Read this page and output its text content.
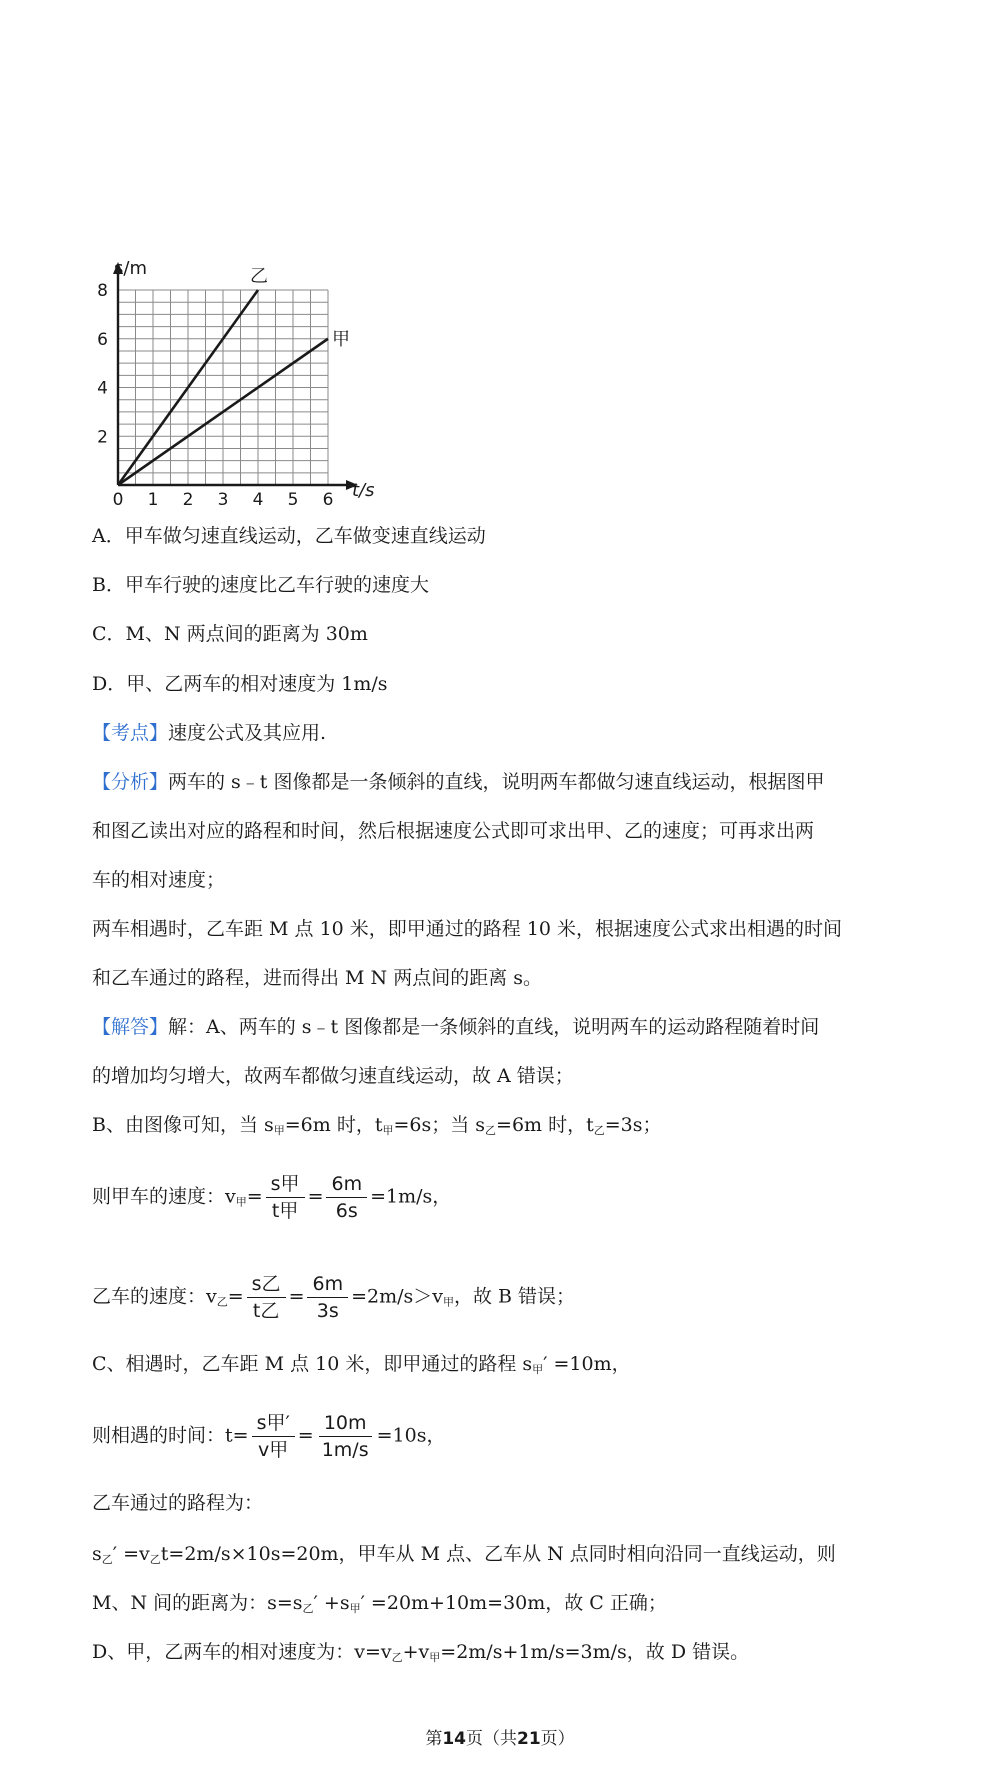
0 1 2 3 4 5 6
2
4
6
8
乙
甲
s/m
t/s
A．甲车做匀速直线运动，乙车做变速直线运动
B．甲车行驶的速度比乙车行驶的速度大
C．M、N 两点间的距离为 30m
D．甲、乙两车的相对速度为 1m/s
【考点】速度公式及其应用.
【分析】两车的 s﹣t 图像都是一条倾斜的直线，说明两车都做匀速直线运动，根据图甲
和图乙读出对应的路程和时间，然后根据速度公式即可求出甲、乙的速度；可再求出两
车的相对速度；
两车相遇时，乙车距 M 点 10 米，即甲通过的路程 10 米，根据速度公式求出相遇的时间
和乙车通过的路程，进而得出 M N 两点间的距离 s。
【解答】解：A、两车的 s﹣t 图像都是一条倾斜的直线，说明两车的运动路程随着时间
的增加均匀增大，故两车都做匀速直线运动，故 A 错误；
B、由图像可知，当 $s_甲=6m$ 时，$t_甲=6s$；当 $s_乙=6m$ 时，$t_乙=3s$；
则甲车的速度：$v_甲= \frac{\text{s甲}}{\text{t甲}} = \frac{6m}{6s} =1m/s$，
乙车的速度：$v_乙= \frac{\text{s乙}}{\text{t乙}} = \frac{6m}{3s} =2m/s>v_甲$，故 B 错误；
C、相遇时，乙车距 M 点 10 米，即甲通过的路程 $s_甲' =10m$，
则相遇的时间：$t= \frac{\text{s甲′}}{\text{v甲}} = \frac{10m}{1m/s} =10s$，
乙车通过的路程为：
$s_乙' =v_乙t=2m/s\times 10s=20m$，甲车从 M 点、乙车从 N 点同时相向沿同一直线运动，则
M、N 间的距离为：$s=s_乙' +s_甲' =20m+10m=30m$，故 C 正确；
D、甲，乙两车的相对速度为：$v=v_乙+v_甲=2m/s+1m/s=3m/s$，故 D 错误。
第14页（共21页）
